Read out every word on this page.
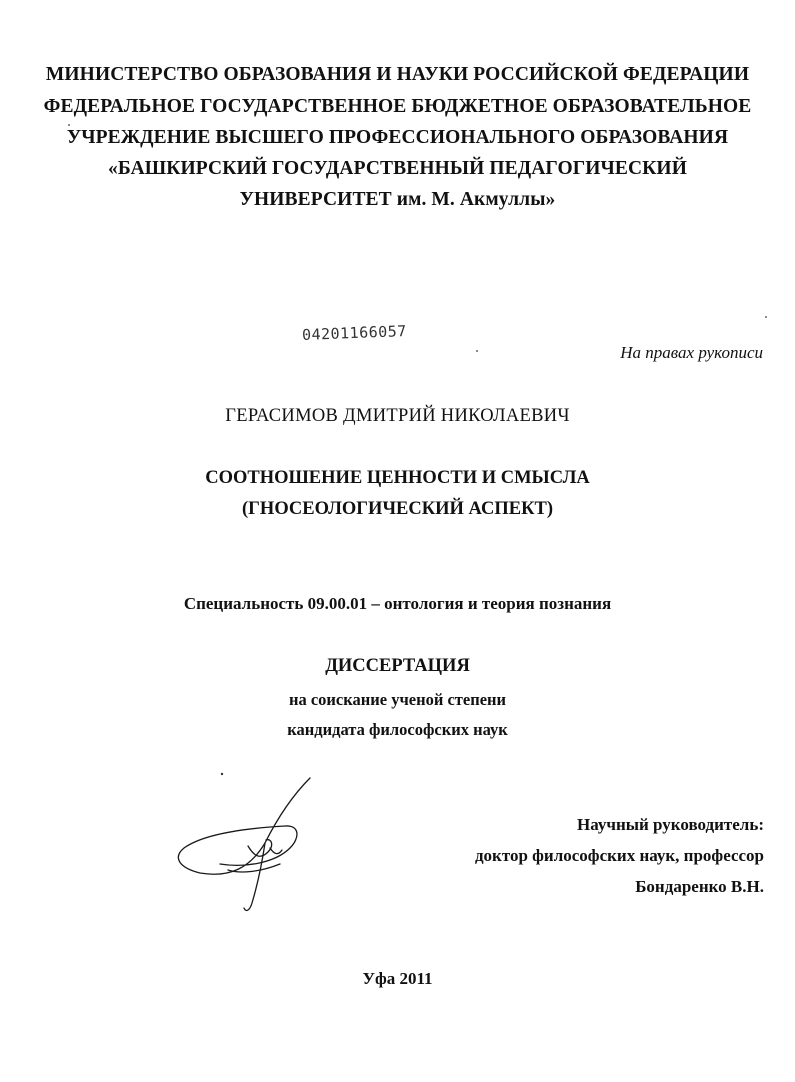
МИНИСТЕРСТВО ОБРАЗОВАНИЯ И НАУКИ РОССИЙСКОЙ ФЕДЕРАЦИИ
ФЕДЕРАЛЬНОЕ ГОСУДАРСТВЕННОЕ БЮДЖЕТНОЕ ОБРАЗОВАТЕЛЬНОЕ
УЧРЕЖДЕНИЕ ВЫСШЕГО ПРОФЕССИОНАЛЬНОГО ОБРАЗОВАНИЯ
«БАШКИРСКИЙ ГОСУДАРСТВЕННЫЙ ПЕДАГОГИЧЕСКИЙ
УНИВЕРСИТЕТ им. М. Акмуллы»
04201166057
На правах рукописи
ГЕРАСИМОВ ДМИТРИЙ НИКОЛАЕВИЧ
СООТНОШЕНИЕ ЦЕННОСТИ И СМЫСЛА
(ГНОСЕОЛОГИЧЕСКИЙ АСПЕКТ)
Специальность 09.00.01 – онтология и теория познания
ДИССЕРТАЦИЯ
на соискание ученой степени
кандидата философских наук
Научный руководитель:
доктор философских наук, профессор
Бондаренко В.Н.
Уфа 2011
